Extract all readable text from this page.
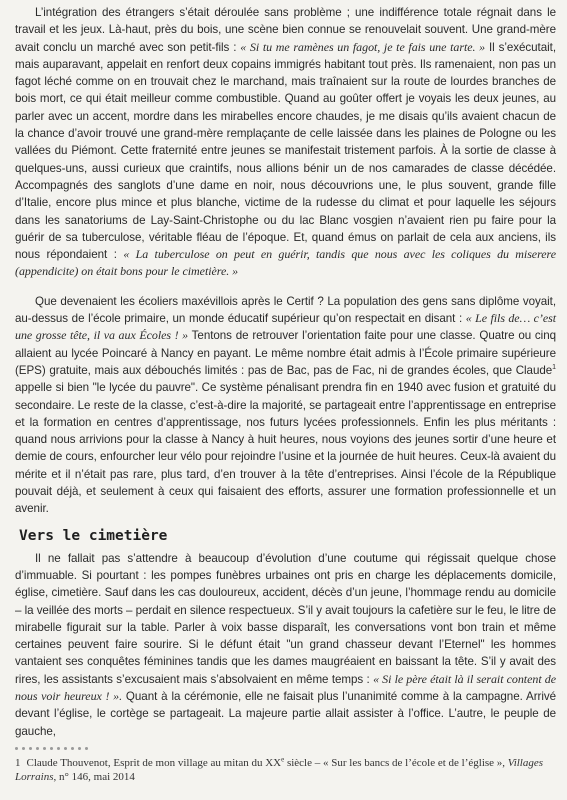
L’intégration des étrangers s’était déroulée sans problème ; une indifférence totale régnait dans le travail et les jeux. Là-haut, près du bois, une scène bien connue se renouvelait souvent. Une grand-mère avait conclu un marché avec son petit-fils : « Si tu me ramènes un fagot, je te fais une tarte. » Il s’exécutait, mais auparavant, appelait en renfort deux copains immigrés habitant tout près. Ils ramenaient, non pas un fagot léché comme on en trouvait chez le marchand, mais traînaient sur la route de lourdes branches de bois mort, ce qui était meilleur comme combustible. Quand au goûter offert je voyais les deux jeunes, au parler avec un accent, mordre dans les mirabelles encore chaudes, je me disais qu’ils avaient chacun de la chance d’avoir trouvé une grand-mère remplaçante de celle laissée dans les plaines de Pologne ou les vallées du Piémont. Cette fraternité entre jeunes se manifestait tristement parfois. À la sortie de classe à quelques-uns, aussi curieux que craintifs, nous allions bénir un de nos camarades de classe décédée. Accompagnés des sanglots d’une dame en noir, nous découvrions une, le plus souvent, grande fille d’Italie, encore plus mince et plus blanche, victime de la rudesse du climat et pour laquelle les séjours dans les sanatoriums de Lay-Saint-Christophe ou du lac Blanc vosgien n’avaient rien pu faire pour la guérir de sa tuberculose, véritable fléau de l’époque. Et, quand émus on parlait de cela aux anciens, ils nous répondaient : « La tuberculose on peut en guérir, tandis que nous avec les coliques du miserere (appendicite) on était bons pour le cimetière. »

Que devenaient les écoliers maxévillois après le Certif ? La population des gens sans diplôme voyait, au-dessus de l’école primaire, un monde éducatif supérieur qu’on respectait en disant : « Le fils de… c’est une grosse tête, il va aux Écoles ! » Tentons de retrouver l’orientation faite pour une classe. Quatre ou cinq allaient au lycée Poincaré à Nancy en payant. Le même nombre était admis à l’École primaire supérieure (EPS) gratuite, mais aux débouchés limités : pas de Bac, pas de Fac, ni de grandes écoles, que Claude$^1$ appelle si bien "le lycée du pauvre". Ce système pénalisant prendra fin en 1940 avec fusion et gratuité du secondaire. Le reste de la classe, c’est-à-dire la majorité, se partageait entre l’apprentissage en entreprise et la formation en centres d’apprentissage, nos futurs lycées professionnels. Enfin les plus méritants : quand nous arrivions pour la classe à Nancy à huit heures, nous voyions des jeunes sortir d’une heure et demie de cours, enfourcher leur vélo pour rejoindre l’usine et la journée de huit heures. Ceux-là avaient du mérite et il n’était pas rare, plus tard, d’en trouver à la tête d’entreprises. Ainsi l’école de la République pouvait déjà, et seulement à ceux qui faisaient des efforts, assurer une formation professionnelle et un avenir.

Vers le cimetière

Il ne fallait pas s’attendre à beaucoup d’évolution d’une coutume qui régissait quelque chose d’immuable. Si pourtant : les pompes funèbres urbaines ont pris en charge les déplacements domicile, église, cimetière. Sauf dans les cas douloureux, accident, décès d’un jeune, l’hommage rendu au domicile – la veillée des morts – perdait en silence respectueux. S’il y avait toujours la cafetière sur le feu, le litre de mirabelle figurait sur la table. Parler à voix basse disparaît, les conversations vont bon train et même certaines peuvent faire sourire. Si le défunt était "un grand chasseur devant l’Eternel" les hommes vantaient ses conquêtes féminines tandis que les dames maugréaient en baissant la tête. S’il y avait des rires, les assistants s’excusaient mais s’absolvaient en même temps : « Si le père était là il serait content de nous voir heureux ! ». Quant à la cérémonie, elle ne faisait plus l’unanimité comme à la campagne. Arrivé devant l’église, le cortège se partageait. La majeure partie allait assister à l’office. L’autre, le peuple de gauche,

1 Claude Thouvenot, Esprit de mon village au mitan du XXe siècle – « Sur les bancs de l’école et de l’église », Villages Lorrains, n° 146, mai 2014
